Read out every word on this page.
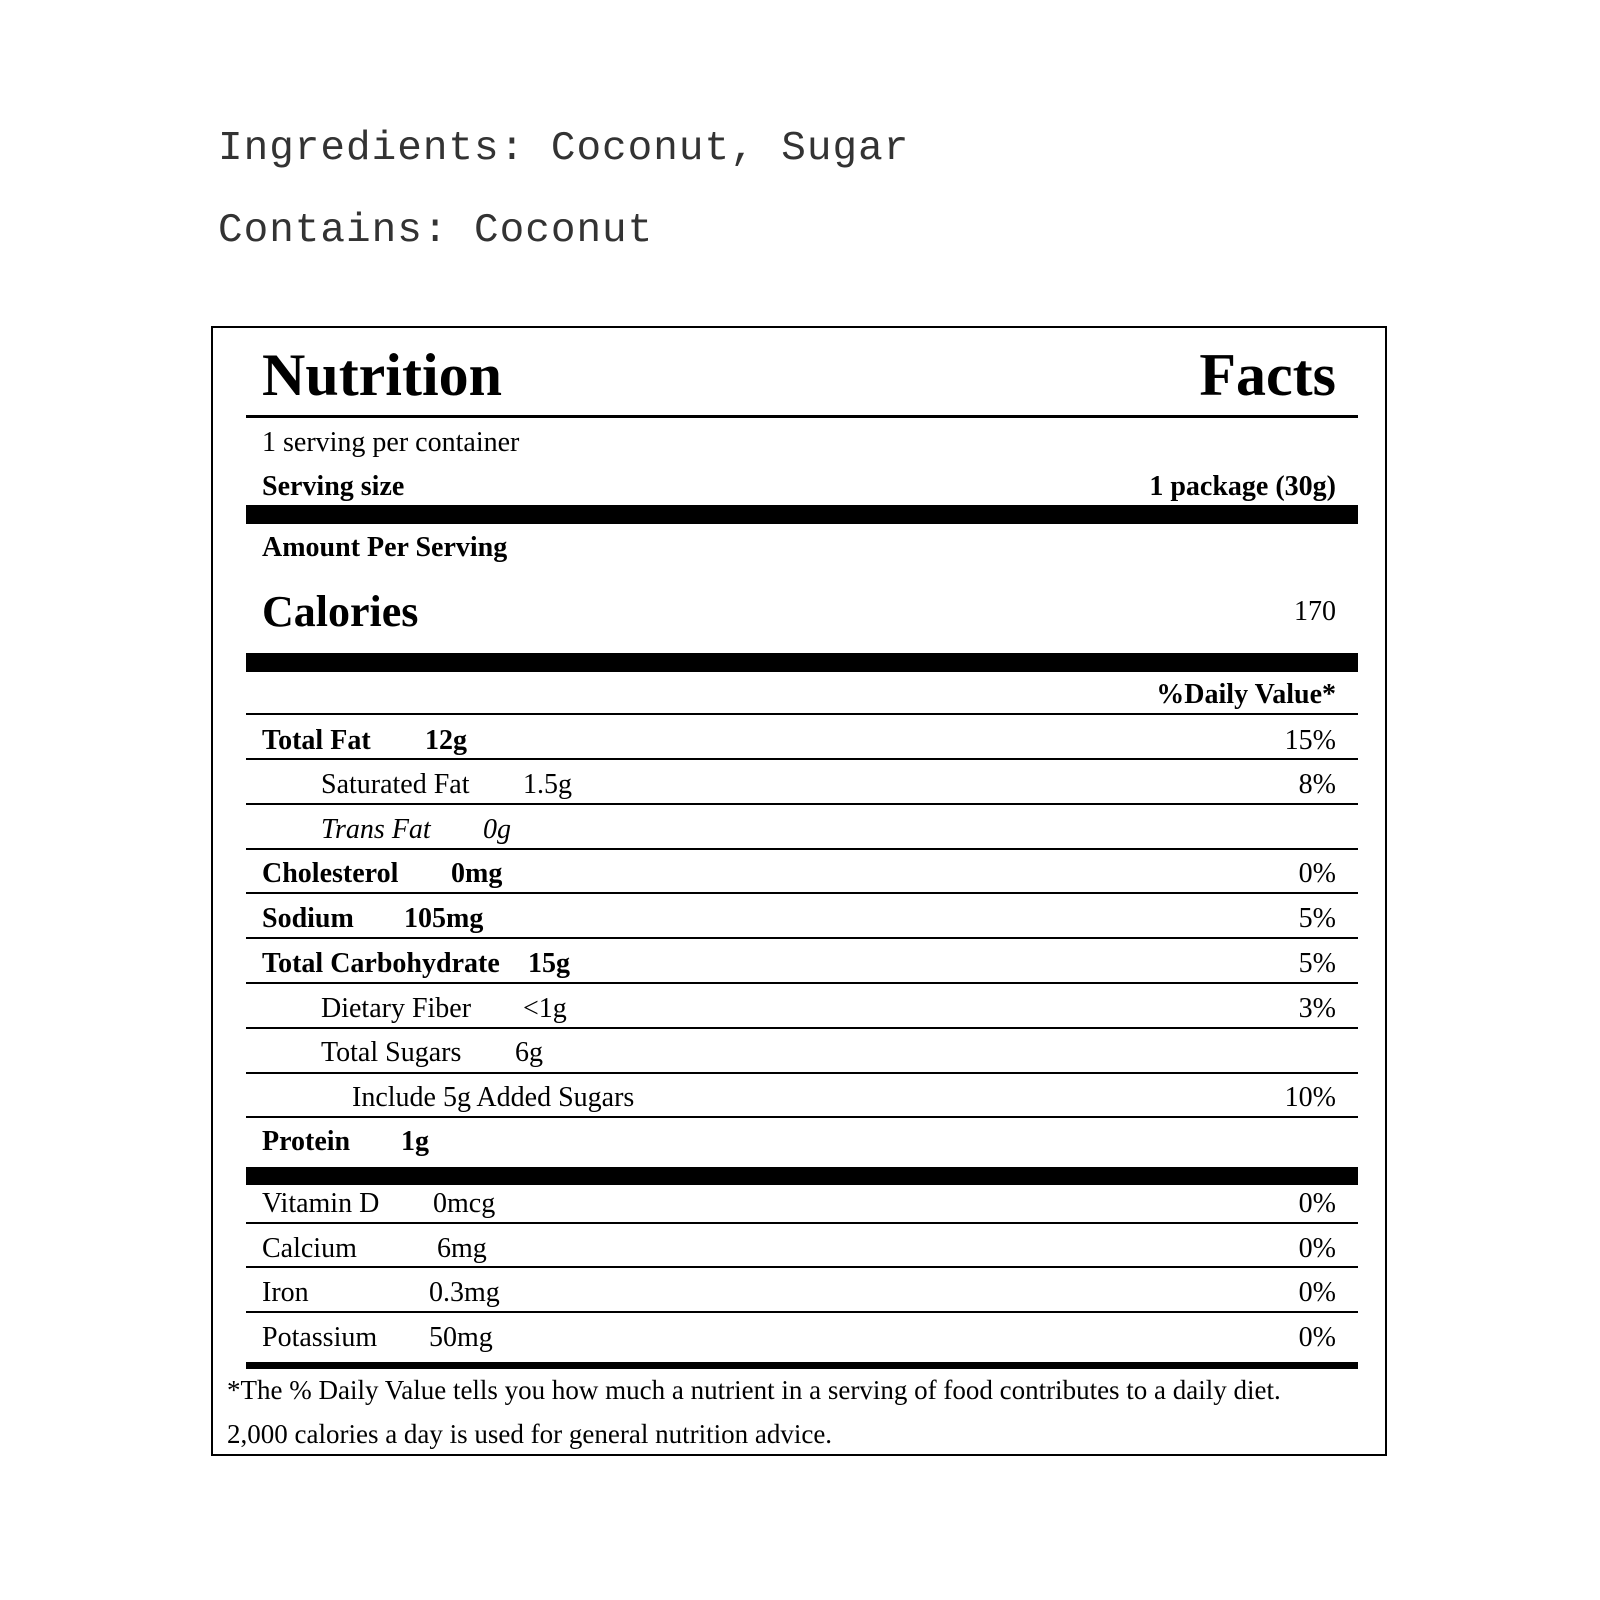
Ingredients: Coconut, Sugar
Contains: Coconut
Nutrition	Facts
1 serving per container
Serving size	1 package (30g)
Amount Per Serving
Calories	170
%Daily Value*
Total Fat 12g	15%
Saturated Fat 1.5g	8%
Trans Fat 0g
Cholesterol 0mg	0%
Sodium 105mg	5%
Total Carbohydrate 15g	5%
Dietary Fiber <1g	3%
Total Sugars 6g
Include 5g Added Sugars	10%
Protein 1g
Vitamin D 0mcg	0%
Calcium	6mg	0%
Iron	0.3mg	0%
Potassium 50mg	0%
*The % Daily Value tells you how much a nutrient in a serving of food contributes to a daily diet.
2,000 calories a day is used for general nutrition advice.
